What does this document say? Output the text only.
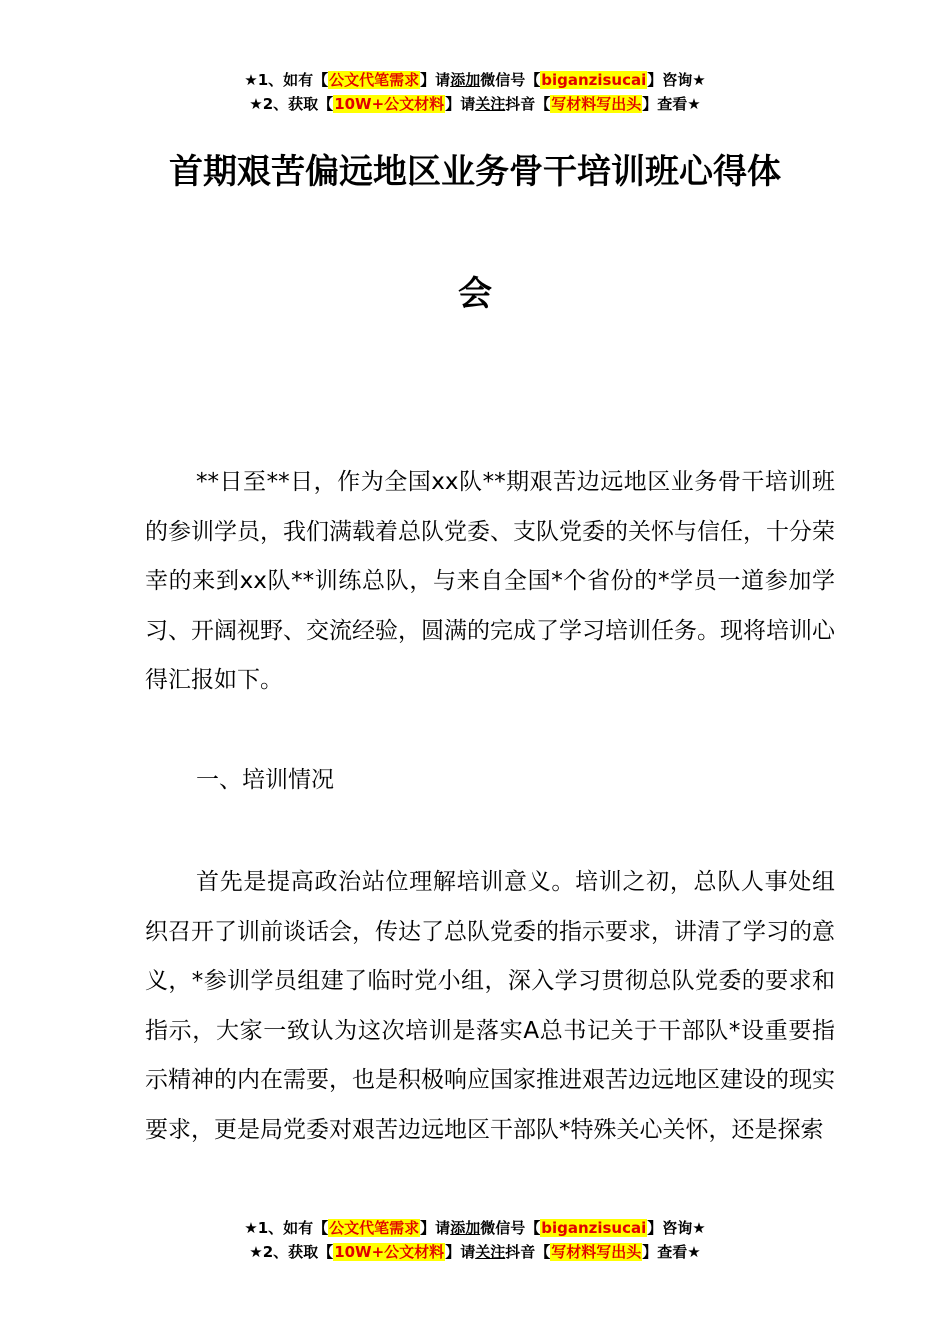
★1、如有【公文代笔需求】请添加微信号【biganzisucai】咨询★
★2、获取【10W+公文材料】请关注抖音【写材料写出头】查看★
首期艰苦偏远地区业务骨干培训班心得体
会

**日至**日，作为全国xx队**期艰苦边远地区业务骨干培训班的参训学员，我们满载着总队党委、支队党委的关怀与信任，十分荣幸的来到xx队**训练总队，与来自全国*个省份的*学员一道参加学习、开阔视野、交流经验，圆满的完成了学习培训任务。现将培训心得汇报如下。

一、培训情况

首先是提高政治站位理解培训意义。培训之初，总队人事处组织召开了训前谈话会，传达了总队党委的指示要求，讲清了学习的意义，*参训学员组建了临时党小组，深入学习贯彻总队党委的要求和指示，大家一致认为这次培训是落实A总书记关于干部队*设重要指示精神的内在需要，也是积极响应国家推进艰苦边远地区建设的现实要求，更是局党委对艰苦边远地区干部队*特殊关心关怀，还是探索

★1、如有【公文代笔需求】请添加微信号【biganzisucai】咨询★
★2、获取【10W+公文材料】请关注抖音【写材料写出头】查看★
